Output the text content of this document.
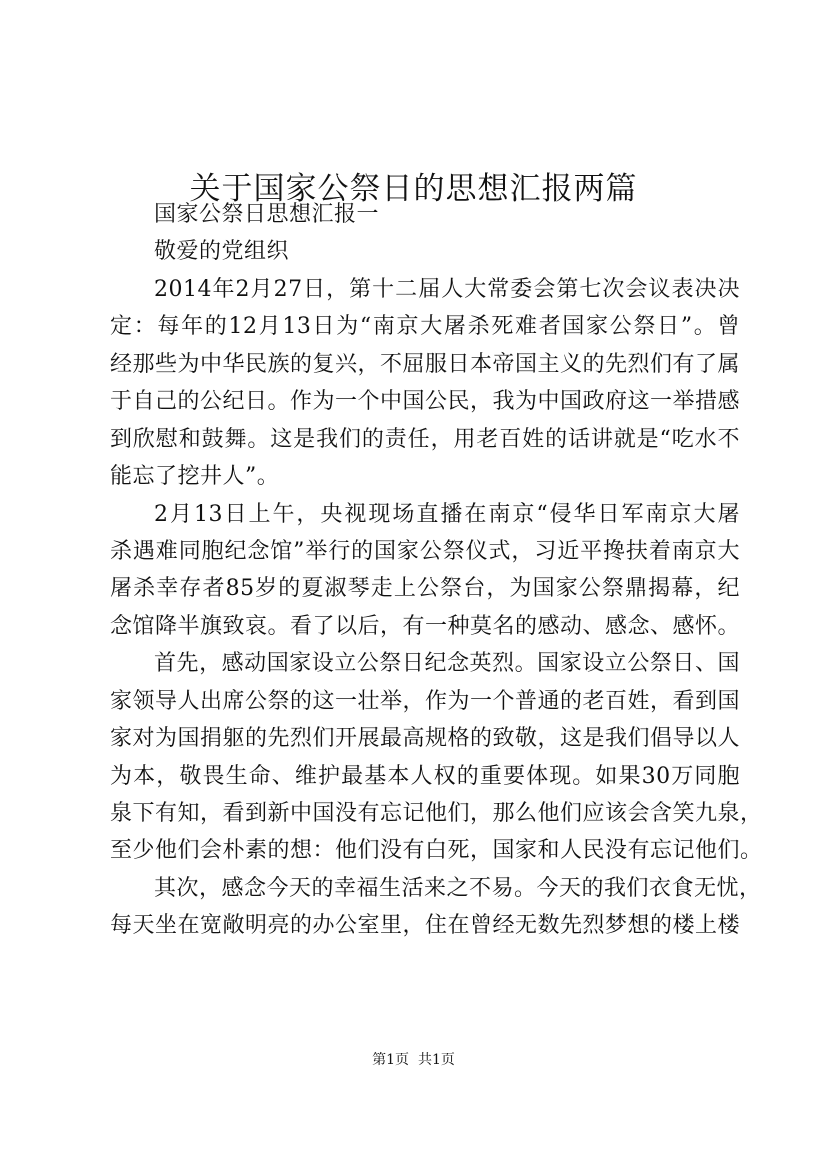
关于国家公祭日的思想汇报两篇
国家公祭日思想汇报一
敬爱的党组织
2014年2月27日，第十二届人大常委会第七次会议表决决
定：每年的12月13日为“南京大屠杀死难者国家公祭日”。曾
经那些为中华民族的复兴，不屈服日本帝国主义的先烈们有了属
于自己的公纪日。作为一个中国公民，我为中国政府这一举措感
到欣慰和鼓舞。这是我们的责任，用老百姓的话讲就是“吃水不
能忘了挖井人”。
2月13日上午，央视现场直播在南京“侵华日军南京大屠
杀遇难同胞纪念馆”举行的国家公祭仪式，习近平搀扶着南京大
屠杀幸存者85岁的夏淑琴走上公祭台，为国家公祭鼎揭幕，纪
念馆降半旗致哀。看了以后，有一种莫名的感动、感念、感怀。
首先，感动国家设立公祭日纪念英烈。国家设立公祭日、国
家领导人出席公祭的这一壮举，作为一个普通的老百姓，看到国
家对为国捐躯的先烈们开展最高规格的致敬，这是我们倡导以人
为本，敬畏生命、维护最基本人权的重要体现。如果30万同胞
泉下有知，看到新中国没有忘记他们，那么他们应该会含笑九泉，
至少他们会朴素的想：他们没有白死，国家和人民没有忘记他们。
其次，感念今天的幸福生活来之不易。今天的我们衣食无忧，
每天坐在宽敞明亮的办公室里，住在曾经无数先烈梦想的楼上楼
第1页  共1页
